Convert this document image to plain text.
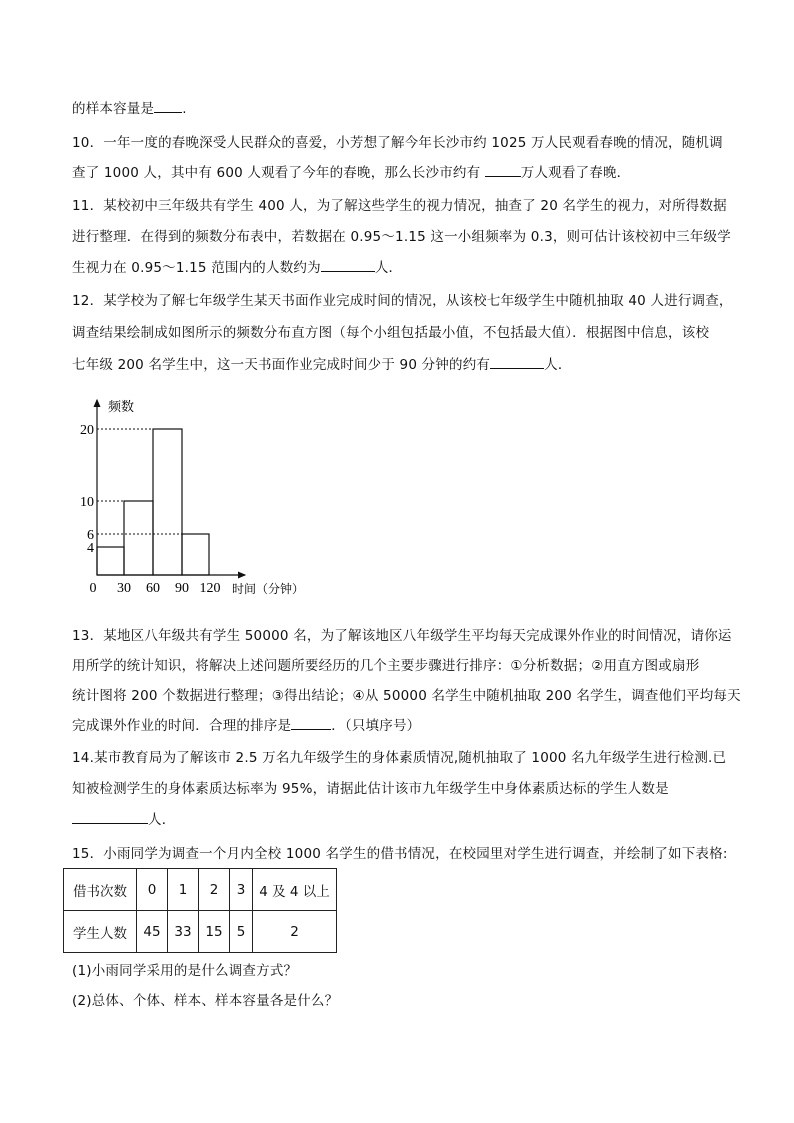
的样本容量是 .
10．一年一度的春晚深受人民群众的喜爱，小芳想了解今年长沙市约 1025 万人民观看春晚的情况，随机调
查了 1000 人，其中有 600 人观看了今年的春晚，那么长沙市约有	万人观看了春晚．
11．某校初中三年级共有学生 400 人，为了解这些学生的视力情况，抽查了 20 名学生的视力，对所得数据
进行整理．在得到的频数分布表中，若数据在 0.95～1.15 这一小组频率为 0.3，则可估计该校初中三年级学
生视力在 0.95～1.15 范围内的人数约为	人．
12．某学校为了解七年级学生某天书面作业完成时间的情况，从该校七年级学生中随机抽取 40 人进行调查，
调查结果绘制成如图所示的频数分布直方图（每个小组包括最小值，不包括最大值）．根据图中信息，该校
七年级 200 名学生中，这一天书面作业完成时间少于 90 分钟的约有	人．
20
10
6
4
0 30 60 90 120
频数
时间（分钟）
13．某地区八年级共有学生 50000 名，为了解该地区八年级学生平均每天完成课外作业的时间情况，请你运
用所学的统计知识，将解决上述问题所要经历的几个主要步骤进行排序：①分析数据；②用直方图或扇形
统计图将 200 个数据进行整理；③得出结论；④从 50000 名学生中随机抽取 200 名学生，调查他们平均每天
完成课外作业的时间．合理的排序是	．（只填序号）
14.某市教育局为了解该市 2.5 万名九年级学生的身体素质情况,随机抽取了 1000 名九年级学生进行检测.已
知被检测学生的身体素质达标率为 95%，请据此估计该市九年级学生中身体素质达标的学生人数是
人．
15．小雨同学为调查一个月内全校 1000 名学生的借书情况，在校园里对学生进行调查，并绘制了如下表格:
借书次数	0	1	2	3	4 及 4 以上
学生人数	45	33	15	5	2
(1)小雨同学采用的是什么调查方式？
(2)总体、个体、样本、样本容量各是什么？
